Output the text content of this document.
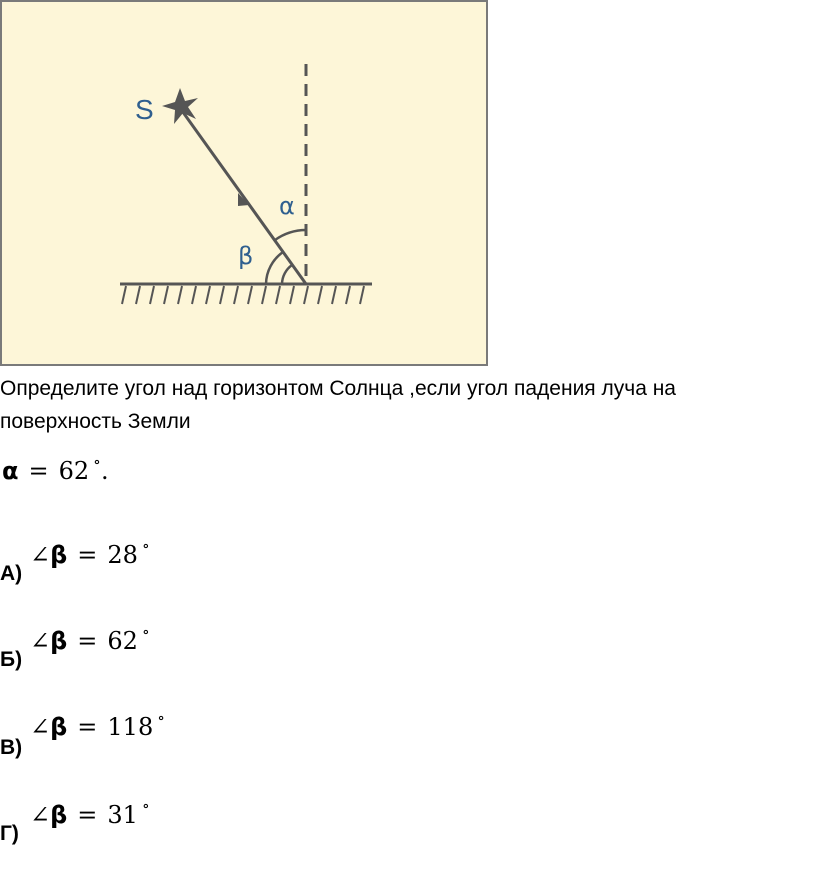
S
α
β
Определите угол над горизонтом Солнца ,если угол падения луча на поверхность Земли
α = 62 ∘.
∠β = 28 ∘
А)
∠β = 62 ∘
Б)
∠β = 118 ∘
В)
∠β = 31 ∘
Г)
